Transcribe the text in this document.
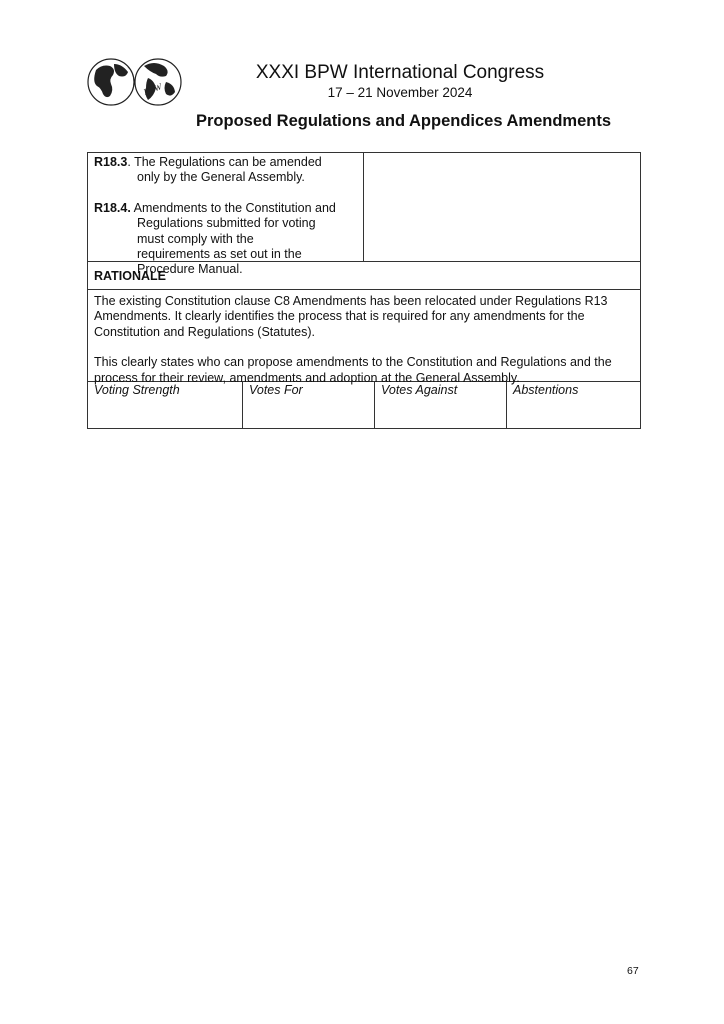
BPW
XXXI BPW International Congress
17 – 21 November 2024
Proposed Regulations and Appendices Amendments
R18.3. The Regulations can be amended
only by the General Assembly.
R18.4. Amendments to the Constitution and
Regulations submitted for voting must comply with the requirements as set out in the Procedure Manual.
RATIONALE

The existing Constitution clause C8 Amendments has been relocated under Regulations R13 Amendments. It clearly identifies the process that is required for any amendments for the Constitution and Regulations (Statutes).

This clearly states who can propose amendments to the Constitution and Regulations and the process for their review, amendments and adoption at the General Assembly.

Voting Strength	Votes For	Votes Against	Abstentions
67
